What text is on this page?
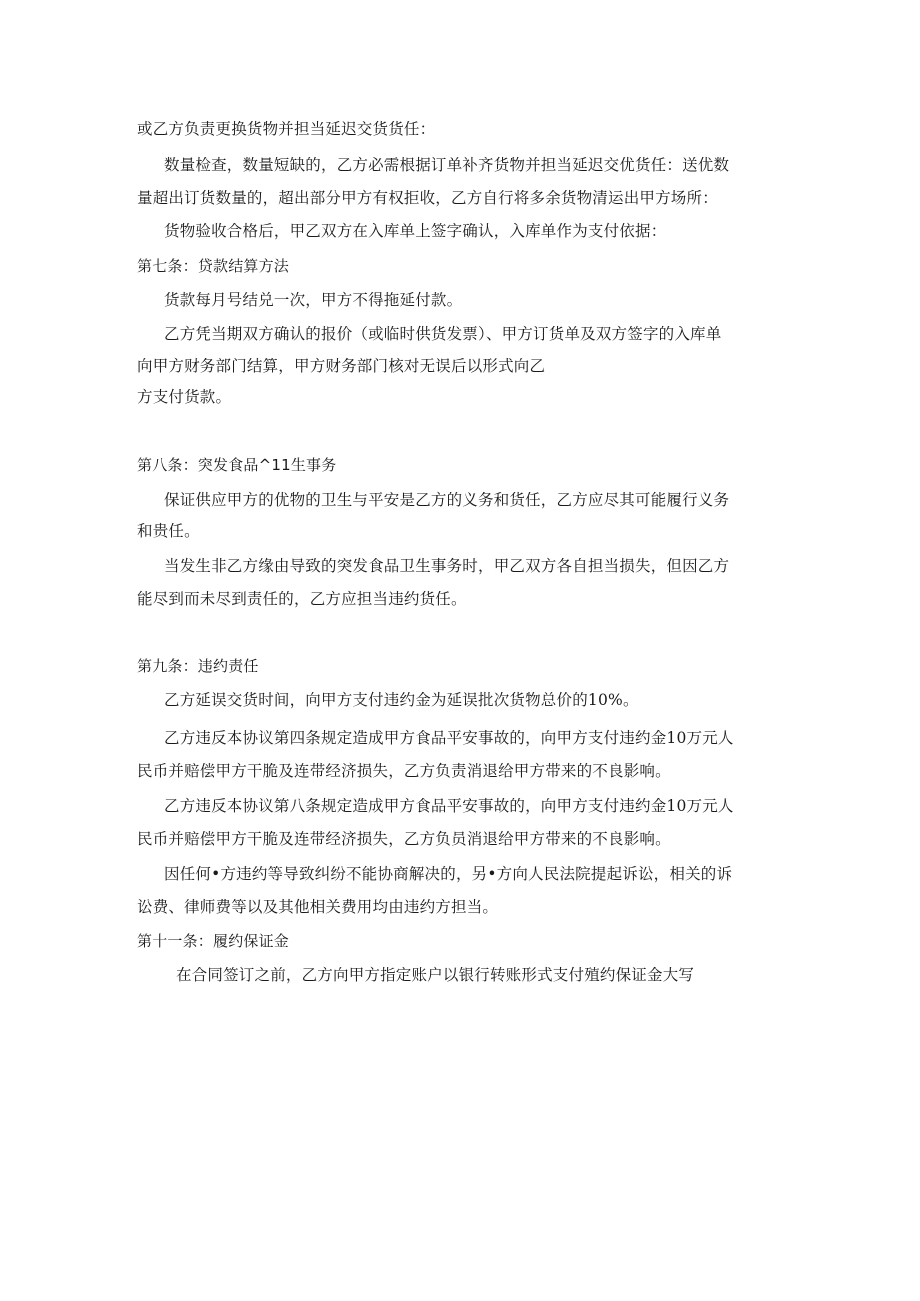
或乙方负责更换货物并担当延迟交货货任：
数量检查，数量短缺的，乙方必需根据订单补齐货物并担当延迟交优货任：送优数
量超出订货数量的，超出部分甲方有权拒收，乙方自行将多余货物清运出甲方场所：
货物验收合格后，甲乙双方在入库单上签字确认，入库单作为支付依据：
第七条：贷款结算方法
货款每月号结兑一次，甲方不得拖延付款。
乙方凭当期双方确认的报价（或临时供货发票）、甲方订货单及双方签字的入库单
向甲方财务部门结算，甲方财务部门核对无误后以形式向乙
方支付货款。
第八条：突发食品^11生事务
保证供应甲方的优物的卫生与平安是乙方的义务和货任，乙方应尽其可能履行义务
和贵任。
当发生非乙方缘由导致的突发食品卫生事务时，甲乙双方各自担当损失，但因乙方
能尽到而未尽到责任的，乙方应担当违约货任。
第九条：违约责任
乙方延误交货时间，向甲方支付违约金为延误批次货物总价的10%。
乙方违反本协议第四条规定造成甲方食品平安事故的，向甲方支付违约金10万元人
民币并赔偿甲方干脆及连带经济损失，乙方负责消退给甲方带来的不良影响。
乙方违反本协议第八条规定造成甲方食品平安事故的，向甲方支付违约金10万元人
民币并赔偿甲方干脆及连带经济损失，乙方负员消退给甲方带来的不良影响。
因任何•方违约等导致纠纷不能协商解决的，另•方向人民法院提起诉讼，相关的诉
讼费、律师费等以及其他相关费用均由违约方担当。
第十一条：履约保证金
在合同签订之前，乙方向甲方指定账户以银行转账形式支付殖约保证金大写
